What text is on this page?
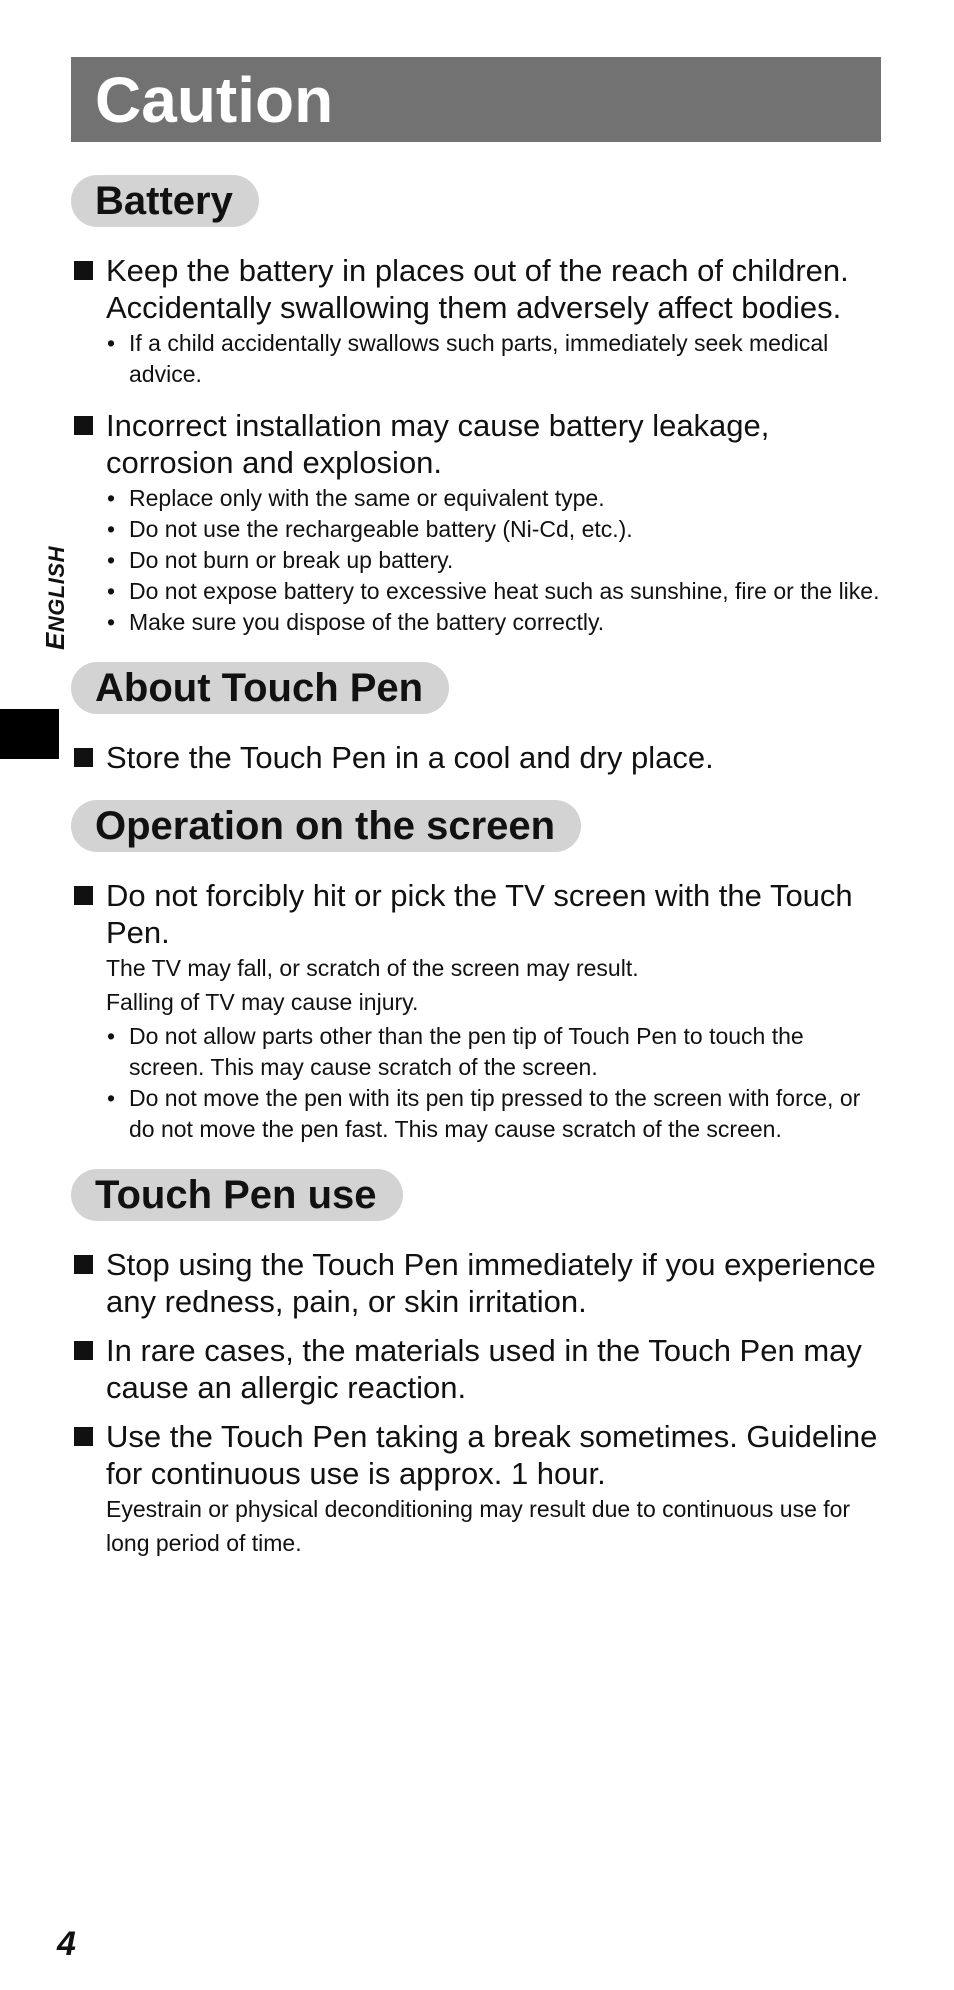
ENGLISH
Caution
Battery
Keep the battery in places out of the reach of children. Accidentally swallowing them adversely affect bodies.
• If a child accidentally swallows such parts, immediately seek medical advice.
Incorrect installation may cause battery leakage, corrosion and explosion.
• Replace only with the same or equivalent type.
• Do not use the rechargeable battery (Ni-Cd, etc.).
• Do not burn or break up battery.
• Do not expose battery to excessive heat such as sunshine, fire or the like.
• Make sure you dispose of the battery correctly.
About Touch Pen
Store the Touch Pen in a cool and dry place.
Operation on the screen
Do not forcibly hit or pick the TV screen with the Touch Pen.
The TV may fall, or scratch of the screen may result.
Falling of TV may cause injury.
• Do not allow parts other than the pen tip of Touch Pen to touch the screen. This may cause scratch of the screen.
• Do not move the pen with its pen tip pressed to the screen with force, or do not move the pen fast. This may cause scratch of the screen.
Touch Pen use
Stop using the Touch Pen immediately if you experience any redness, pain, or skin irritation.
In rare cases, the materials used in the Touch Pen may cause an allergic reaction.
Use the Touch Pen taking a break sometimes. Guideline for continuous use is approx. 1 hour.
Eyestrain or physical deconditioning may result due to continuous use for long period of time.
4
